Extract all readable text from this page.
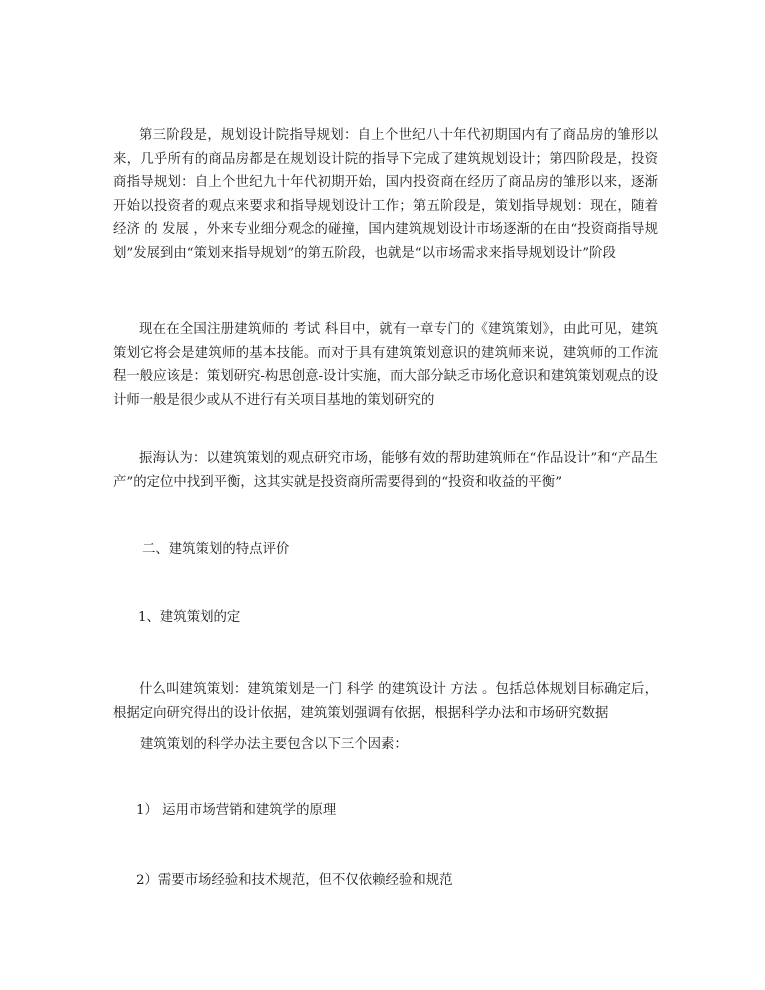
第三阶段是，规划设计院指导规划：自上个世纪八十年代初期国内有了商品房的雏形以来，几乎所有的商品房都是在规划设计院的指导下完成了建筑规划设计；第四阶段是，投资商指导规划：自上个世纪九十年代初期开始，国内投资商在经历了商品房的雏形以来，逐渐开始以投资者的观点来要求和指导规划设计工作；第五阶段是，策划指导规划：现在，随着 经济 的 发展 ，外来专业细分观念的碰撞，国内建筑规划设计市场逐渐的在由“投资商指导规划”发展到由“策划来指导规划”的第五阶段，也就是“以市场需求来指导规划设计”阶段

现在在全国注册建筑师的 考试 科目中，就有一章专门的《建筑策划》，由此可见，建筑策划它将会是建筑师的基本技能。而对于具有建筑策划意识的建筑师来说，建筑师的工作流程一般应该是：策划研究-构思创意-设计实施，而大部分缺乏市场化意识和建筑策划观点的设计师一般是很少或从不进行有关项目基地的策划研究的

振海认为：以建筑策划的观点研究市场，能够有效的帮助建筑师在“作品设计”和“产品生产”的定位中找到平衡，这其实就是投资商所需要得到的“投资和收益的平衡”

二、建筑策划的特点评价

1、建筑策划的定

什么叫建筑策划：建筑策划是一门 科学 的建筑设计 方法 。包括总体规划目标确定后，根据定向研究得出的设计依据，建筑策划强调有依据，根据科学办法和市场研究数据

建筑策划的科学办法主要包含以下三个因素：

1） 运用市场营销和建筑学的原理

2）需要市场经验和技术规范，但不仅依赖经验和规范
